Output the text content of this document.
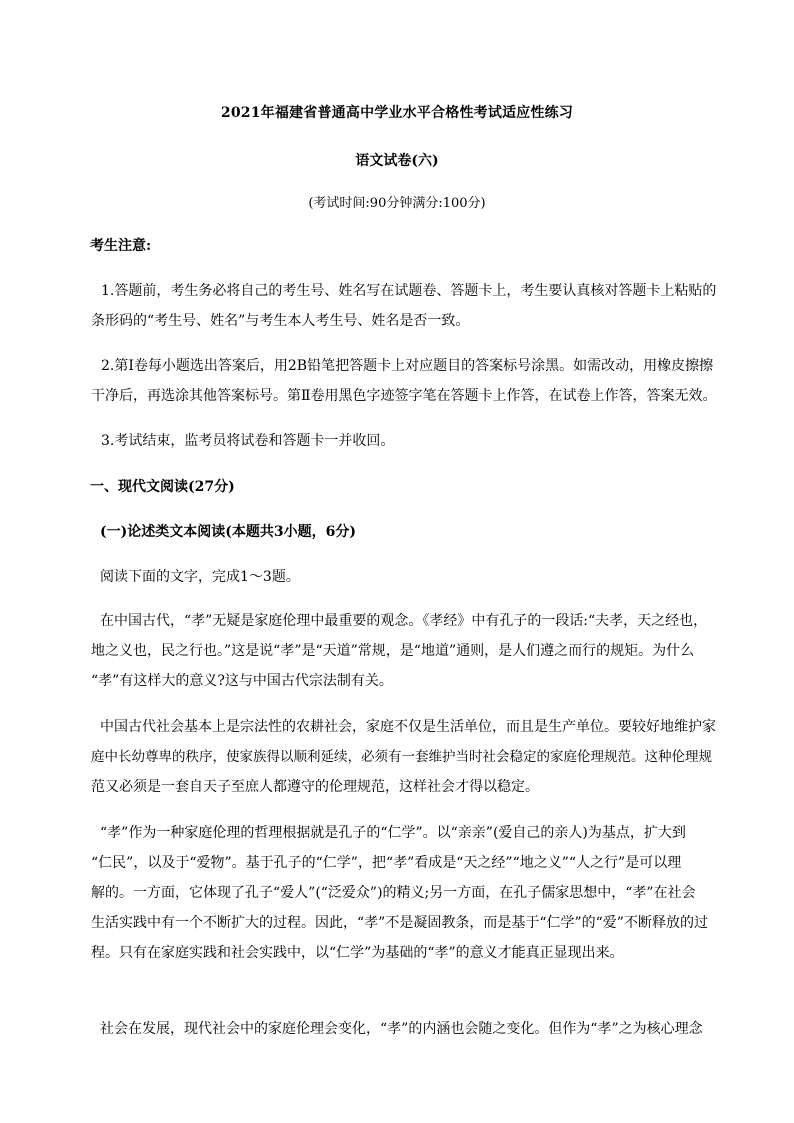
2021年福建省普通高中学业水平合格性考试适应性练习
语文试卷(六)
(考试时间:90分钟满分:100分)
考生注意:
1.答题前，考生务必将自己的考生号、姓名写在试题卷、答题卡上，考生要认真核对答题卡上粘贴的
条形码的“考生号、姓名”与考生本人考生号、姓名是否一致。
2.第Ⅰ卷每小题选出答案后，用2B铅笔把答题卡上对应题目的答案标号涂黑。如需改动，用橡皮擦擦
干净后，再选涂其他答案标号。第Ⅱ卷用黑色字迹签字笔在答题卡上作答，在试卷上作答，答案无效。
3.考试结束，监考员将试卷和答题卡一并收回。
一、现代文阅读(27分)
(一)论述类文本阅读(本题共3小题，6分)
阅读下面的文字，完成1～3题。
在中国古代，“孝”无疑是家庭伦理中最重要的观念。《孝经》中有孔子的一段话:“夫孝，天之经也，
地之义也，民之行也。”这是说“孝”是“天道”常规，是“地道”通则，是人们遵之而行的规矩。为什么
“孝”有这样大的意义?这与中国古代宗法制有关。
中国古代社会基本上是宗法性的农耕社会，家庭不仅是生活单位，而且是生产单位。要较好地维护家
庭中长幼尊卑的秩序，使家族得以顺利延续，必须有一套维护当时社会稳定的家庭伦理规范。这种伦理规
范又必须是一套自天子至庶人都遵守的伦理规范，这样社会才得以稳定。
“孝”作为一种家庭伦理的哲理根据就是孔子的“仁学”。以“亲亲”(爱自己的亲人)为基点，扩大到
“仁民”，以及于“爱物”。基于孔子的“仁学”，把“孝”看成是“天之经”“地之义”“人之行”是可以理
解的。一方面，它体现了孔子“爱人”(“泛爱众”)的精义;另一方面，在孔子儒家思想中，“孝”在社会
生活实践中有一个不断扩大的过程。因此，“孝”不是凝固教条，而是基于“仁学”的“爱”不断释放的过
程。只有在家庭实践和社会实践中，以“仁学”为基础的“孝”的意义才能真正显现出来。
社会在发展，现代社会中的家庭伦理会变化，“孝”的内涵也会随之变化。但作为“孝”之为核心理念
